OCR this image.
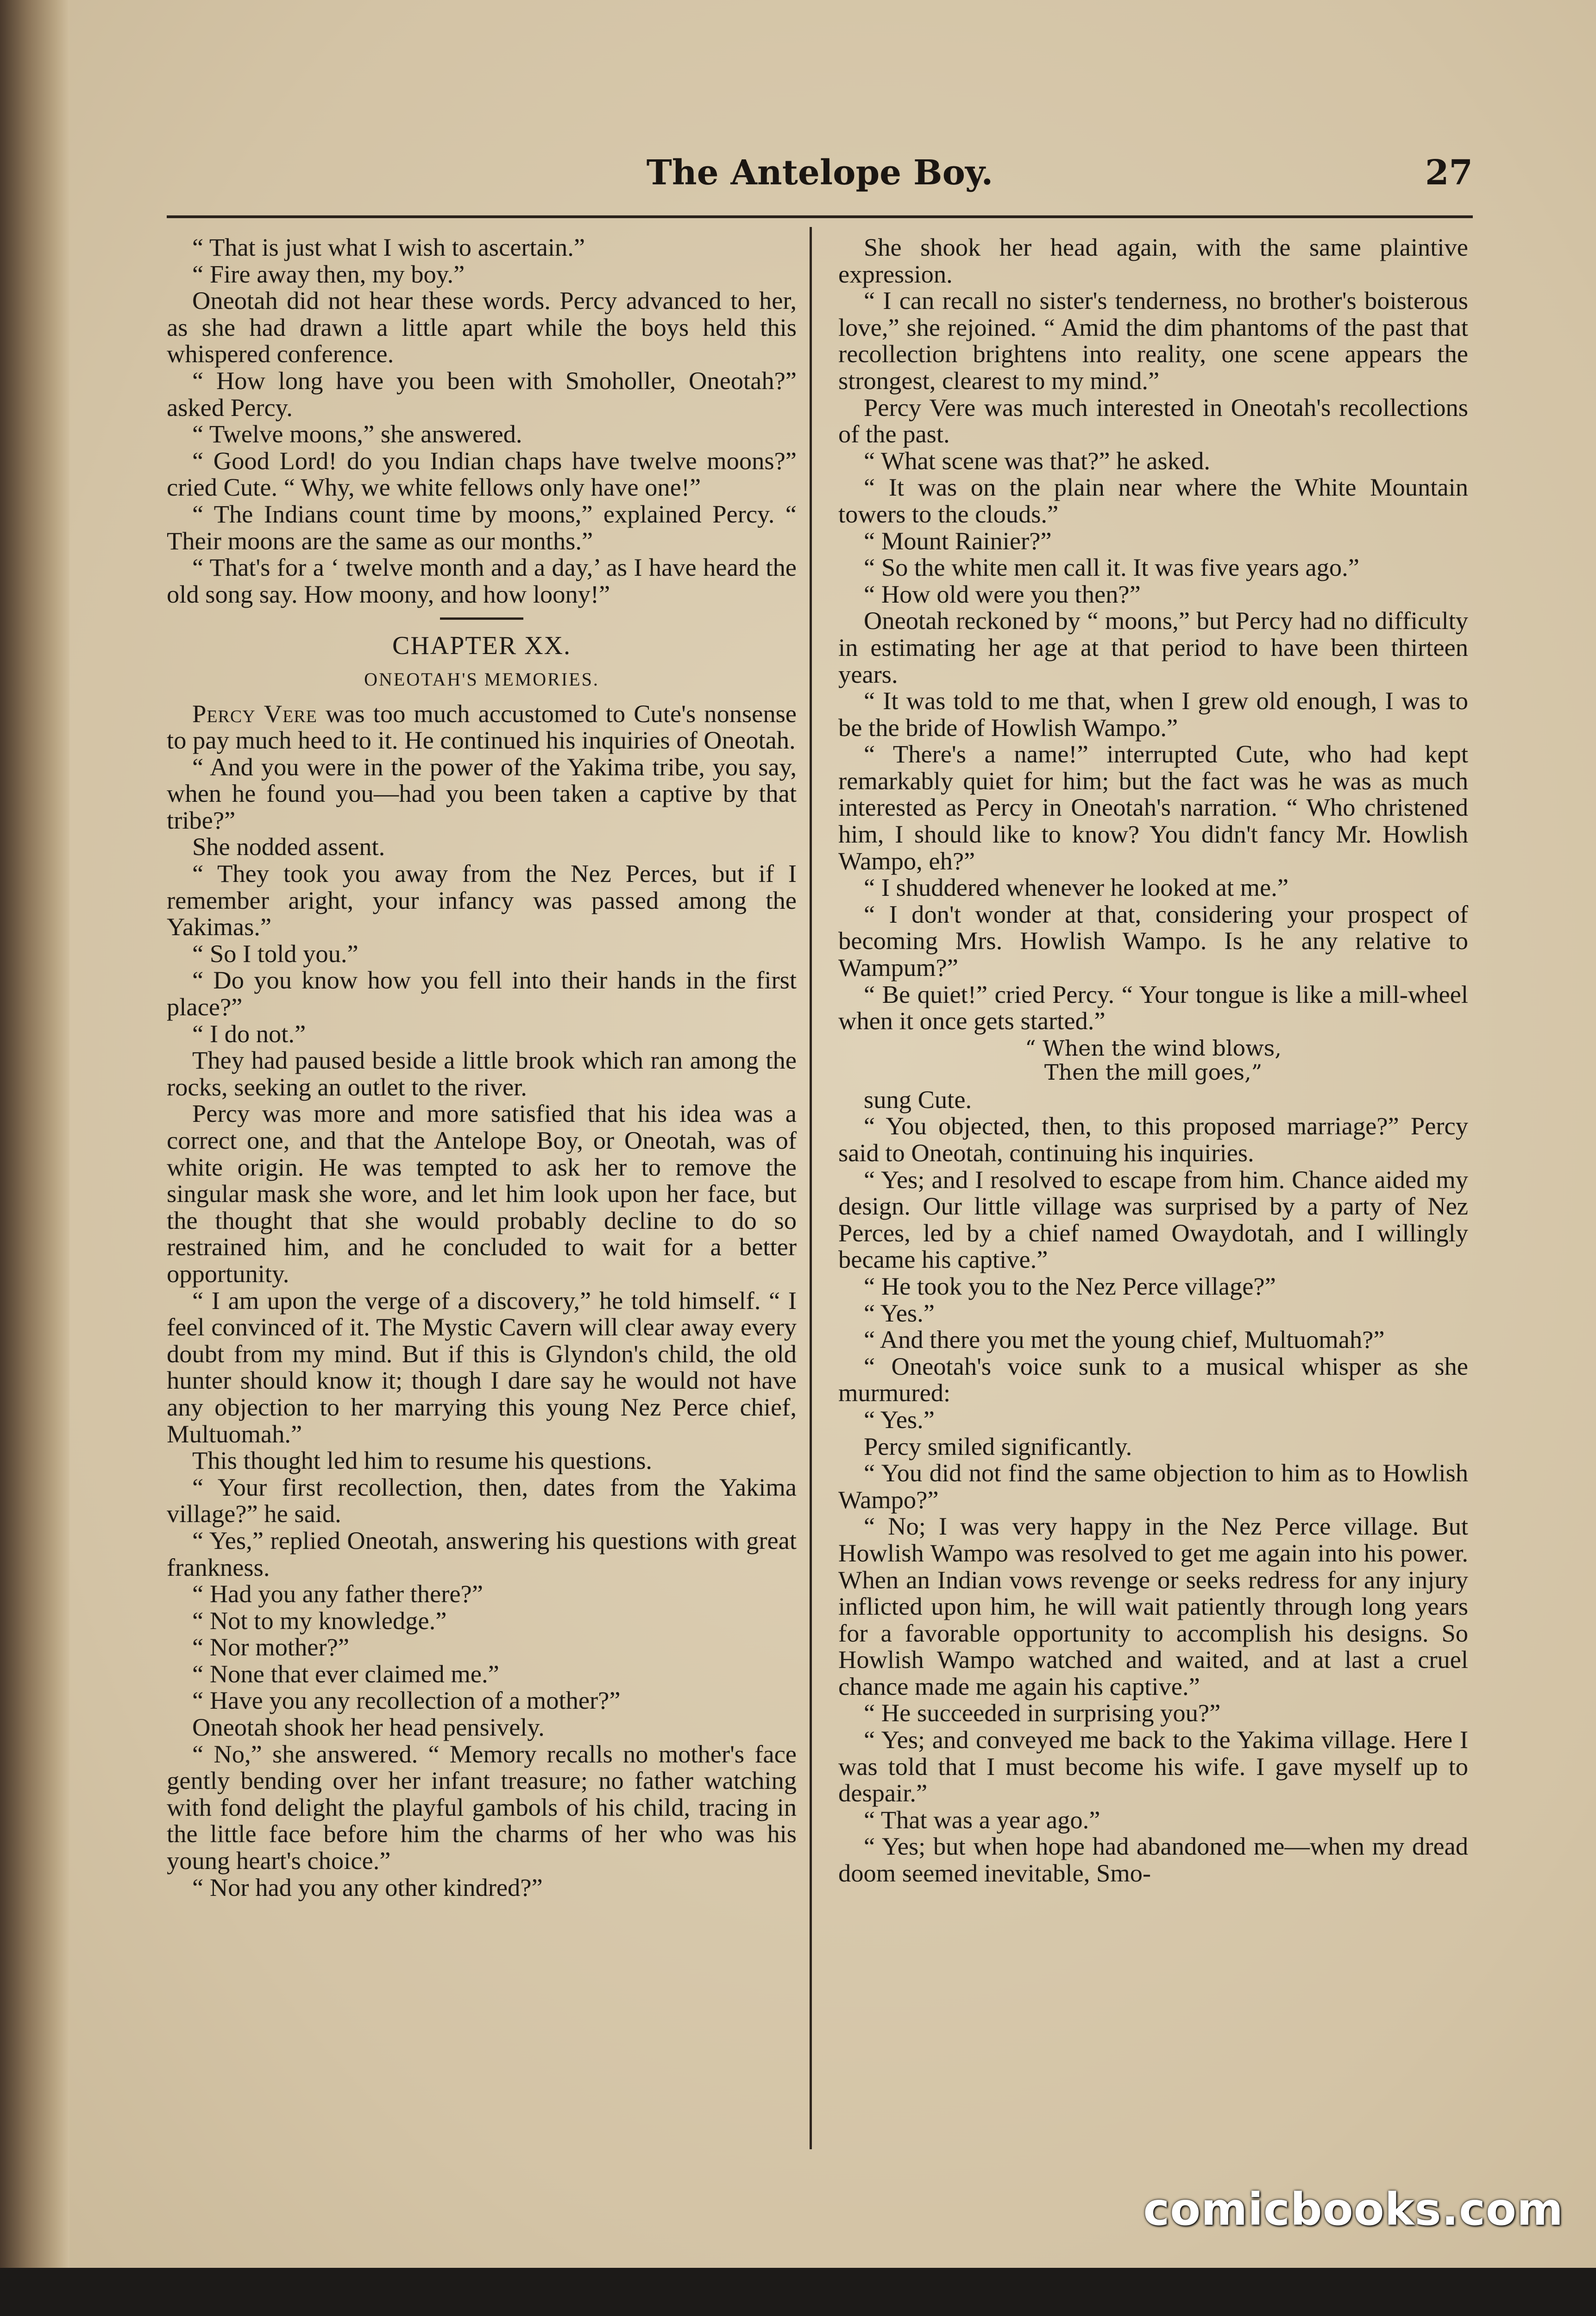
The Antelope Boy.	27

“ That is just what I wish to ascertain.”

“ Fire away then, my boy.”

Oneotah did not hear these words. Percy advanced to her, as she had drawn a little apart while the boys held this whispered conference.

“ How long have you been with Smoholler, Oneotah?” asked Percy.

“ Twelve moons,” she answered.

“ Good Lord! do you Indian chaps have twelve moons?” cried Cute. “ Why, we white fellows only have one!”

“ The Indians count time by moons,” explained Percy. “ Their moons are the same as our months.”

“ That's for a ‘ twelve month and a day,’ as I have heard the old song say. How moony, and how loony!”

CHAPTER XX.

ONEOTAH'S MEMORIES.

Percy Vere was too much accustomed to Cute's nonsense to pay much heed to it. He continued his inquiries of Oneotah.

“ And you were in the power of the Yakima tribe, you say, when he found you—had you been taken a captive by that tribe?”

She nodded assent.

“ They took you away from the Nez Perces, but if I remember aright, your infancy was passed among the Yakimas.”

“ So I told you.”

“ Do you know how you fell into their hands in the first place?”

“ I do not.”

They had paused beside a little brook which ran among the rocks, seeking an outlet to the river.

Percy was more and more satisfied that his idea was a correct one, and that the Antelope Boy, or Oneotah, was of white origin. He was tempted to ask her to remove the singular mask she wore, and let him look upon her face, but the thought that she would probably decline to do so restrained him, and he concluded to wait for a better opportunity.

“ I am upon the verge of a discovery,” he told himself. “ I feel convinced of it. The Mystic Cavern will clear away every doubt from my mind. But if this is Glyndon's child, the old hunter should know it; though I dare say he would not have any objection to her marrying this young Nez Perce chief, Multuomah.”

This thought led him to resume his questions.

“ Your first recollection, then, dates from the Yakima village?” he said.

“ Yes,” replied Oneotah, answering his questions with great frankness.

“ Had you any father there?”

“ Not to my knowledge.”

“ Nor mother?”

“ None that ever claimed me.”

“ Have you any recollection of a mother?”

Oneotah shook her head pensively.

“ No,” she answered. “ Memory recalls no mother's face gently bending over her infant treasure; no father watching with fond delight the playful gambols of his child, tracing in the little face before him the charms of her who was his young heart's choice.”

“ Nor had you any other kindred?”

She shook her head again, with the same plaintive expression.

“ I can recall no sister's tenderness, no brother's boisterous love,” she rejoined. “ Amid the dim phantoms of the past that recollection brightens into reality, one scene appears the strongest, clearest to my mind.”

Percy Vere was much interested in Oneotah's recollections of the past.

“ What scene was that?” he asked.

“ It was on the plain near where the White Mountain towers to the clouds.”

“ Mount Rainier?”

“ So the white men call it. It was five years ago.”

“ How old were you then?”

Oneotah reckoned by “ moons,” but Percy had no difficulty in estimating her age at that period to have been thirteen years.

“ It was told to me that, when I grew old enough, I was to be the bride of Howlish Wampo.”

“ There's a name!” interrupted Cute, who had kept remarkably quiet for him; but the fact was he was as much interested as Percy in Oneotah's narration. “ Who christened him, I should like to know? You didn't fancy Mr. Howlish Wampo, eh?”

“ I shuddered whenever he looked at me.”

“ I don't wonder at that, considering your prospect of becoming Mrs. Howlish Wampo. Is he any relative to Wampum?”

“ Be quiet!” cried Percy. “ Your tongue is like a mill-wheel when it once gets started.”

“ When the wind blows,
Then the mill goes,”

sung Cute.

“ You objected, then, to this proposed marriage?” Percy said to Oneotah, continuing his inquiries.

“ Yes; and I resolved to escape from him. Chance aided my design. Our little village was surprised by a party of Nez Perces, led by a chief named Owaydotah, and I willingly became his captive.”

“ He took you to the Nez Perce village?”

“ Yes.”

“ And there you met the young chief, Multuomah?”

“ Oneotah's voice sunk to a musical whisper as she murmured:

“ Yes.”

Percy smiled significantly.

“ You did not find the same objection to him as to Howlish Wampo?”

“ No; I was very happy in the Nez Perce village. But Howlish Wampo was resolved to get me again into his power. When an Indian vows revenge or seeks redress for any injury inflicted upon him, he will wait patiently through long years for a favorable opportunity to accomplish his designs. So Howlish Wampo watched and waited, and at last a cruel chance made me again his captive.”

“ He succeeded in surprising you?”

“ Yes; and conveyed me back to the Yakima village. Here I was told that I must become his wife. I gave myself up to despair.”

“ That was a year ago.”

“ Yes; but when hope had abandoned me—when my dread doom seemed inevitable, Smo-

comicbooks.com
